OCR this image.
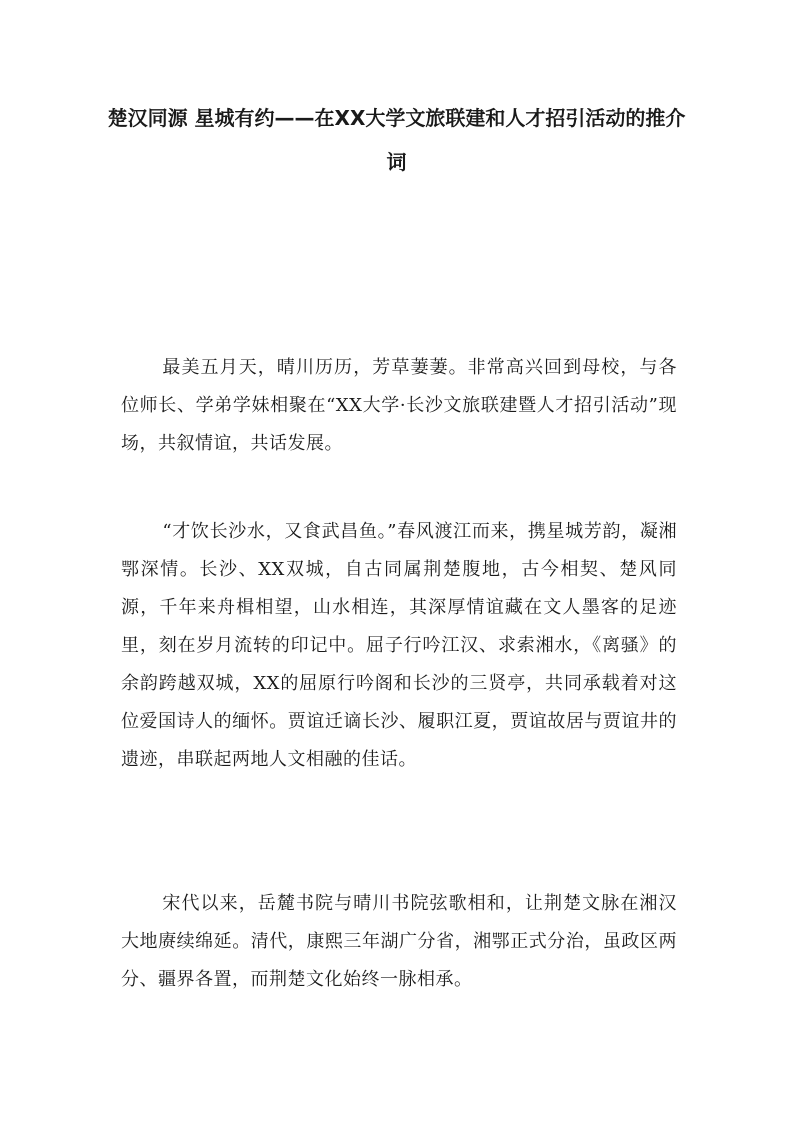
楚汉同源 星城有约——在XX大学文旅联建和人才招引活动的推介词

最美五月天，晴川历历，芳草萋萋。非常高兴回到母校，与各位师长、学弟学妹相聚在“XX大学·长沙文旅联建暨人才招引活动”现场，共叙情谊，共话发展。

“才饮长沙水，又食武昌鱼。”春风渡江而来，携星城芳韵，凝湘鄂深情。长沙、XX双城，自古同属荆楚腹地，古今相契、楚风同源，千年来舟楫相望，山水相连，其深厚情谊藏在文人墨客的足迹里，刻在岁月流转的印记中。屈子行吟江汉、求索湘水，《离骚》的余韵跨越双城，XX的屈原行吟阁和长沙的三贤亭，共同承载着对这位爱国诗人的缅怀。贾谊迁谪长沙、履职江夏，贾谊故居与贾谊井的遗迹，串联起两地人文相融的佳话。

宋代以来，岳麓书院与晴川书院弦歌相和，让荆楚文脉在湘汉大地赓续绵延。清代，康熙三年湖广分省，湘鄂正式分治，虽政区两分、疆界各置，而荆楚文化始终一脉相承。
